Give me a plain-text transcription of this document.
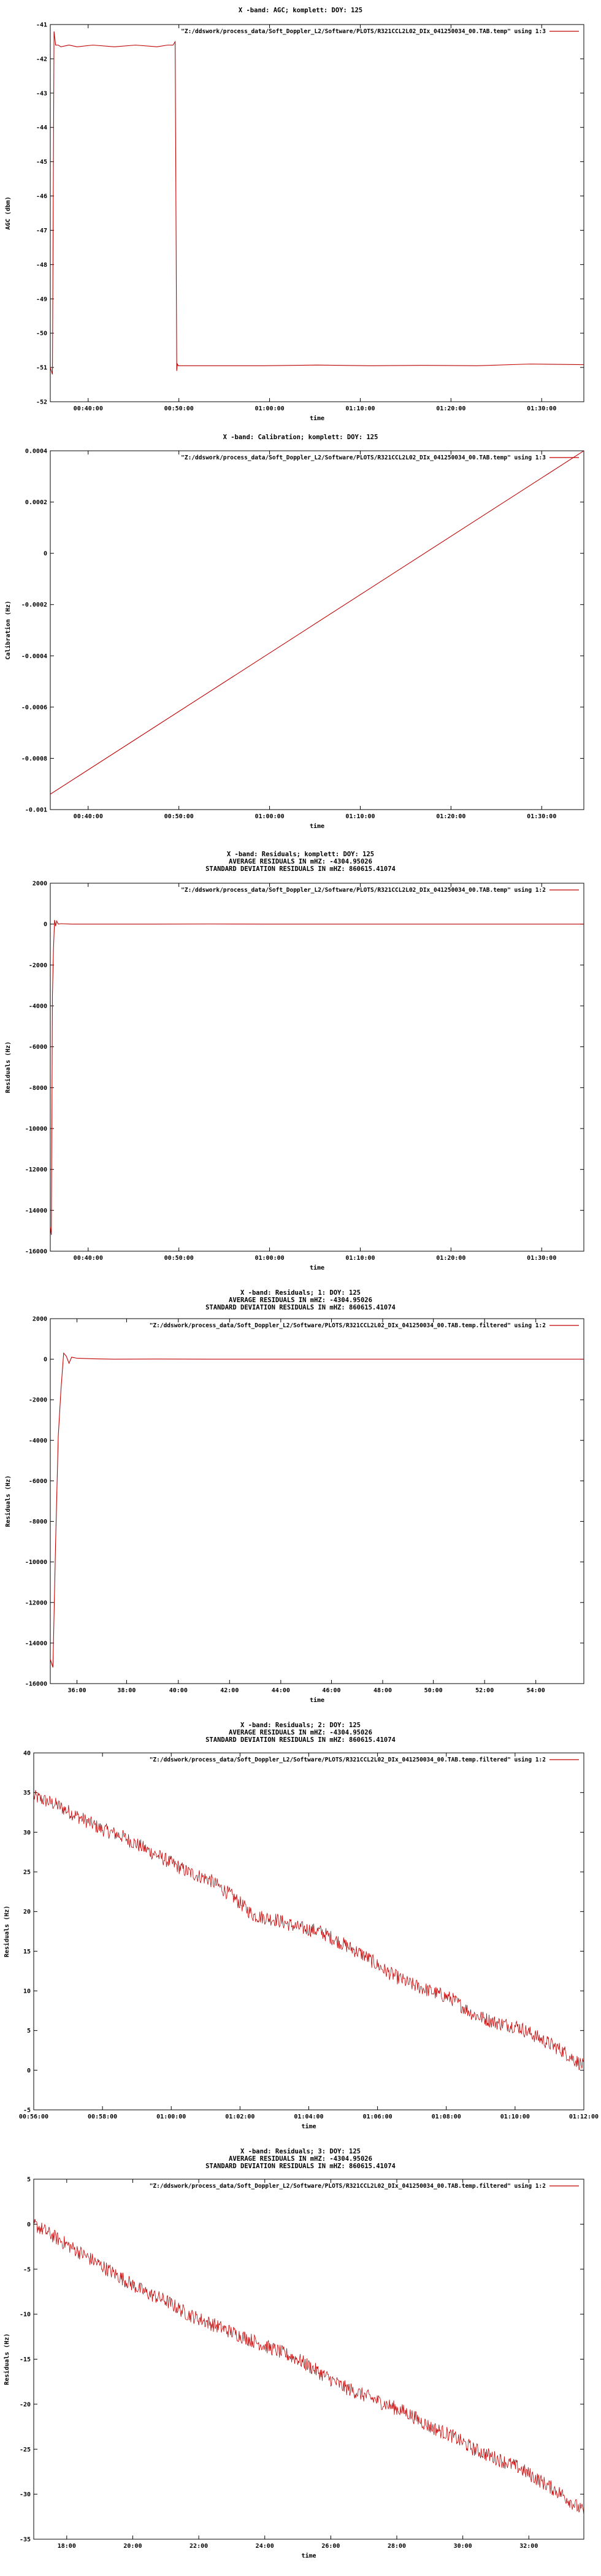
X -band: AGC; komplett: DOY: 125
-52
-51
-50
-49
-48
-47
-46
-45
-44
-43
-42
-41
00:40:00	00:50:00	01:00:00	01:10:00	01:20:00	01:30:00
time
AGC (dbm)
"Z:/ddswork/process_data/Soft_Doppler_L2/Software/PLOTS/R321CCL2L02_DIx_041250034_00.TAB.temp" using 1:3
X -band: Calibration; komplett: DOY: 125
-0.001
-0.0008
-0.0006
-0.0004
-0.0002
0
0.0002
0.0004
00:40:00	00:50:00	01:00:00	01:10:00	01:20:00	01:30:00
time
Calibration (Hz)
"Z:/ddswork/process_data/Soft_Doppler_L2/Software/PLOTS/R321CCL2L02_DIx_041250034_00.TAB.temp" using 1:3
X -band: Residuals; komplett: DOY: 125
AVERAGE RESIDUALS IN mHZ: -4304.95026
STANDARD DEVIATION RESIDUALS IN mHZ: 860615.41074
-16000
-14000
-12000
-10000
-8000
-6000
-4000
-2000
0
2000
00:40:00	00:50:00	01:00:00	01:10:00	01:20:00	01:30:00
time
Residuals (Hz)
"Z:/ddswork/process_data/Soft_Doppler_L2/Software/PLOTS/R321CCL2L02_DIx_041250034_00.TAB.temp" using 1:2
X -band: Residuals; 1: DOY: 125
AVERAGE RESIDUALS IN mHZ: -4304.95026
STANDARD DEVIATION RESIDUALS IN mHZ: 860615.41074
-16000
-14000
-12000
-10000
-8000
-6000
-4000
-2000
0
2000
36:00	38:00	40:00	42:00	44:00	46:00	48:00	50:00	52:00	54:00
time
Residuals (Hz)
"Z:/ddswork/process_data/Soft_Doppler_L2/Software/PLOTS/R321CCL2L02_DIx_041250034_00.TAB.temp.filtered" using 1:2
X -band: Residuals; 2: DOY: 125
AVERAGE RESIDUALS IN mHZ: -4304.95026
STANDARD DEVIATION RESIDUALS IN mHZ: 860615.41074
-5
0
5
10
15
20
25
30
35
40
00:56:00	00:58:00	01:00:00	01:02:00	01:04:00	01:06:00	01:08:00	01:10:00	01:12:00
time
Residuals (Hz)
"Z:/ddswork/process_data/Soft_Doppler_L2/Software/PLOTS/R321CCL2L02_DIx_041250034_00.TAB.temp.filtered" using 1:2
X -band: Residuals; 3: DOY: 125
AVERAGE RESIDUALS IN mHZ: -4304.95026
STANDARD DEVIATION RESIDUALS IN mHZ: 860615.41074
-35
-30
-25
-20
-15
-10
-5
0
5
18:00	20:00	22:00	24:00	26:00	28:00	30:00	32:00
time
Residuals (Hz)
"Z:/ddswork/process_data/Soft_Doppler_L2/Software/PLOTS/R321CCL2L02_DIx_041250034_00.TAB.temp.filtered" using 1:2
